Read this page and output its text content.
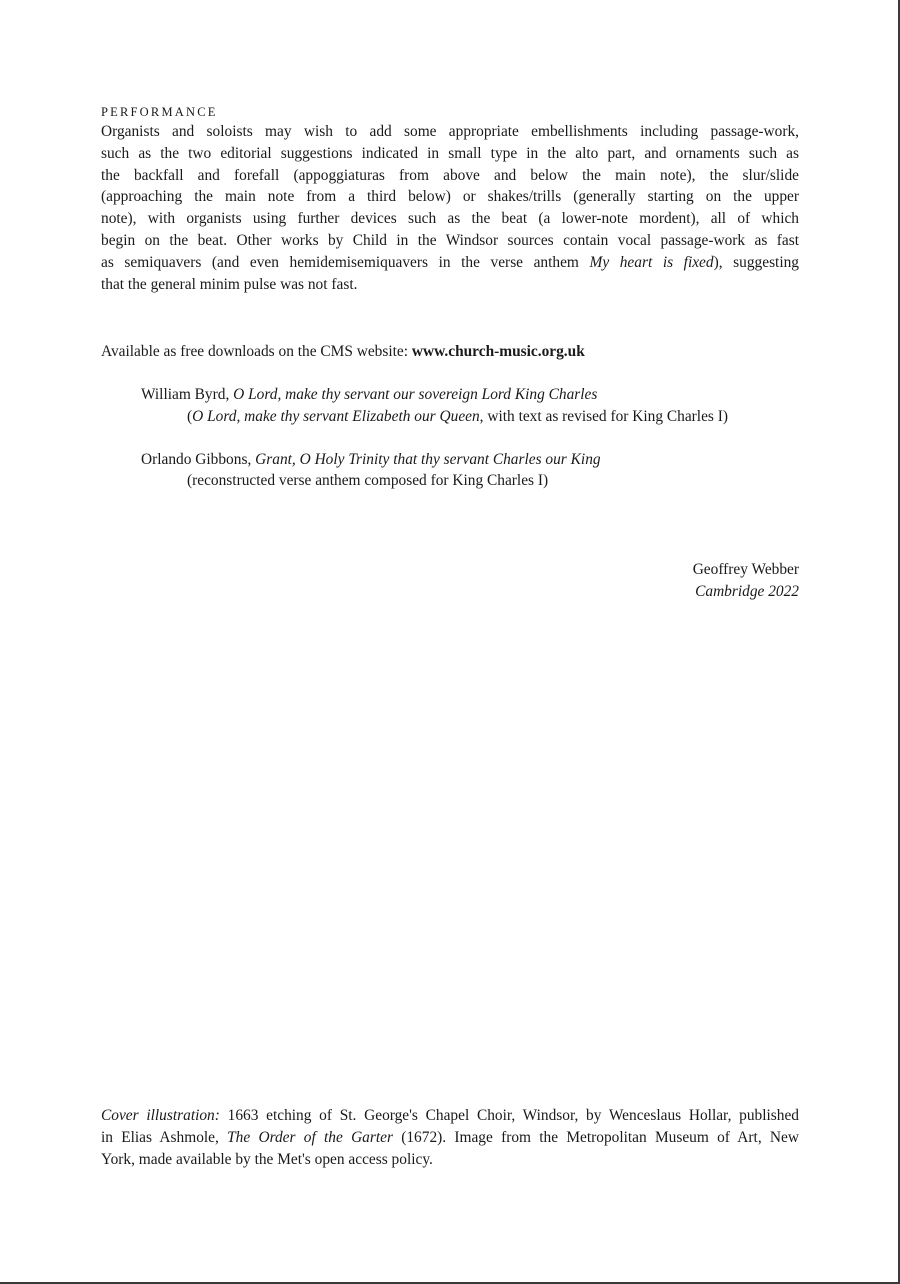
PERFORMANCE

Organists and soloists may wish to add some appropriate embellishments including passage-work,
such as the two editorial suggestions indicated in small type in the alto part, and ornaments such as
the backfall and forefall (appoggiaturas from above and below the main note), the slur/slide
(approaching the main note from a third below) or shakes/trills (generally starting on the upper
note), with organists using further devices such as the beat (a lower-note mordent), all of which
begin on the beat. Other works by Child in the Windsor sources contain vocal passage-work as fast
as semiquavers (and even hemidemisemiquavers in the verse anthem My heart is fixed), suggesting
that the general minim pulse was not fast.

Available as free downloads on the CMS website: www.church-music.org.uk
William Byrd, O Lord, make thy servant our sovereign Lord King Charles
(O Lord, make thy servant Elizabeth our Queen, with text as revised for King Charles I)
Orlando Gibbons, Grant, O Holy Trinity that thy servant Charles our King
(reconstructed verse anthem composed for King Charles I)
Geoffrey Webber
Cambridge 2022
Cover illustration: 1663 etching of St. George's Chapel Choir, Windsor, by Wenceslaus Hollar, published
in Elias Ashmole, The Order of the Garter (1672). Image from the Metropolitan Museum of Art, New
York, made available by the Met's open access policy.
